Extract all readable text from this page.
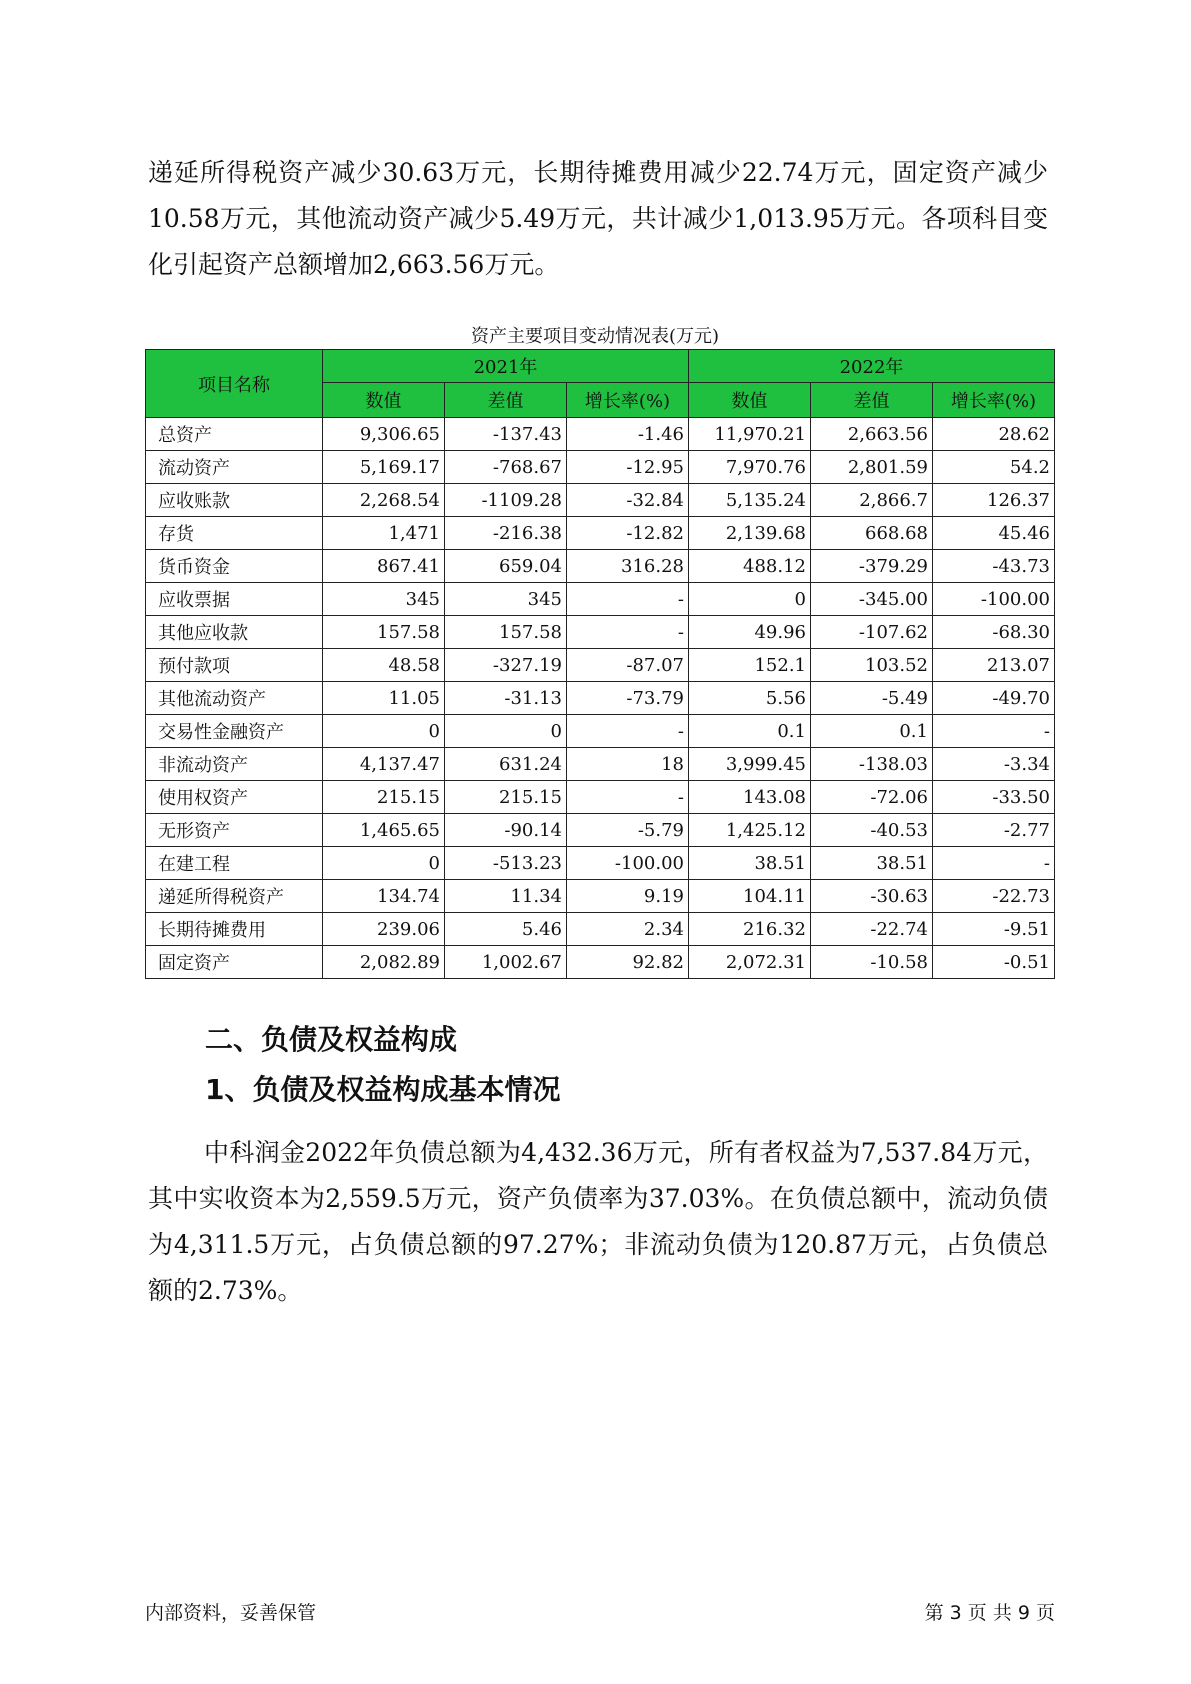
递延所得税资产减少30.63万元，长期待摊费用减少22.74万元，固定资产减少10.58万元，其他流动资产减少5.49万元，共计减少1,013.95万元。各项科目变化引起资产总额增加2,663.56万元。

资产主要项目变动情况表(万元)
项目名称	2021年			2022年		
	数值	差值	增长率(%)	数值	差值	增长率(%)
总资产	9,306.65	-137.43	-1.46	11,970.21	2,663.56	28.62
流动资产	5,169.17	-768.67	-12.95	7,970.76	2,801.59	54.2
应收账款	2,268.54	-1109.28	-32.84	5,135.24	2,866.7	126.37
存货	1,471	-216.38	-12.82	2,139.68	668.68	45.46
货币资金	867.41	659.04	316.28	488.12	-379.29	-43.73
应收票据	345	345	-	0	-345.00	-100.00
其他应收款	157.58	157.58	-	49.96	-107.62	-68.30
预付款项	48.58	-327.19	-87.07	152.1	103.52	213.07
其他流动资产	11.05	-31.13	-73.79	5.56	-5.49	-49.70
交易性金融资产	0	0	-	0.1	0.1	-
非流动资产	4,137.47	631.24	18	3,999.45	-138.03	-3.34
使用权资产	215.15	215.15	-	143.08	-72.06	-33.50
无形资产	1,465.65	-90.14	-5.79	1,425.12	-40.53	-2.77
在建工程	0	-513.23	-100.00	38.51	38.51	-
递延所得税资产	134.74	11.34	9.19	104.11	-30.63	-22.73
长期待摊费用	239.06	5.46	2.34	216.32	-22.74	-9.51
固定资产	2,082.89	1,002.67	92.82	2,072.31	-10.58	-0.51
二、负债及权益构成
1、负债及权益构成基本情况

中科润金2022年负债总额为4,432.36万元，所有者权益为7,537.84万元，其中实收资本为2,559.5万元，资产负债率为37.03%。在负债总额中，流动负债为4,311.5万元，占负债总额的97.27%；非流动负债为120.87万元，占负债总额的2.73%。

内部资料，妥善保管	第 3 页 共 9 页
